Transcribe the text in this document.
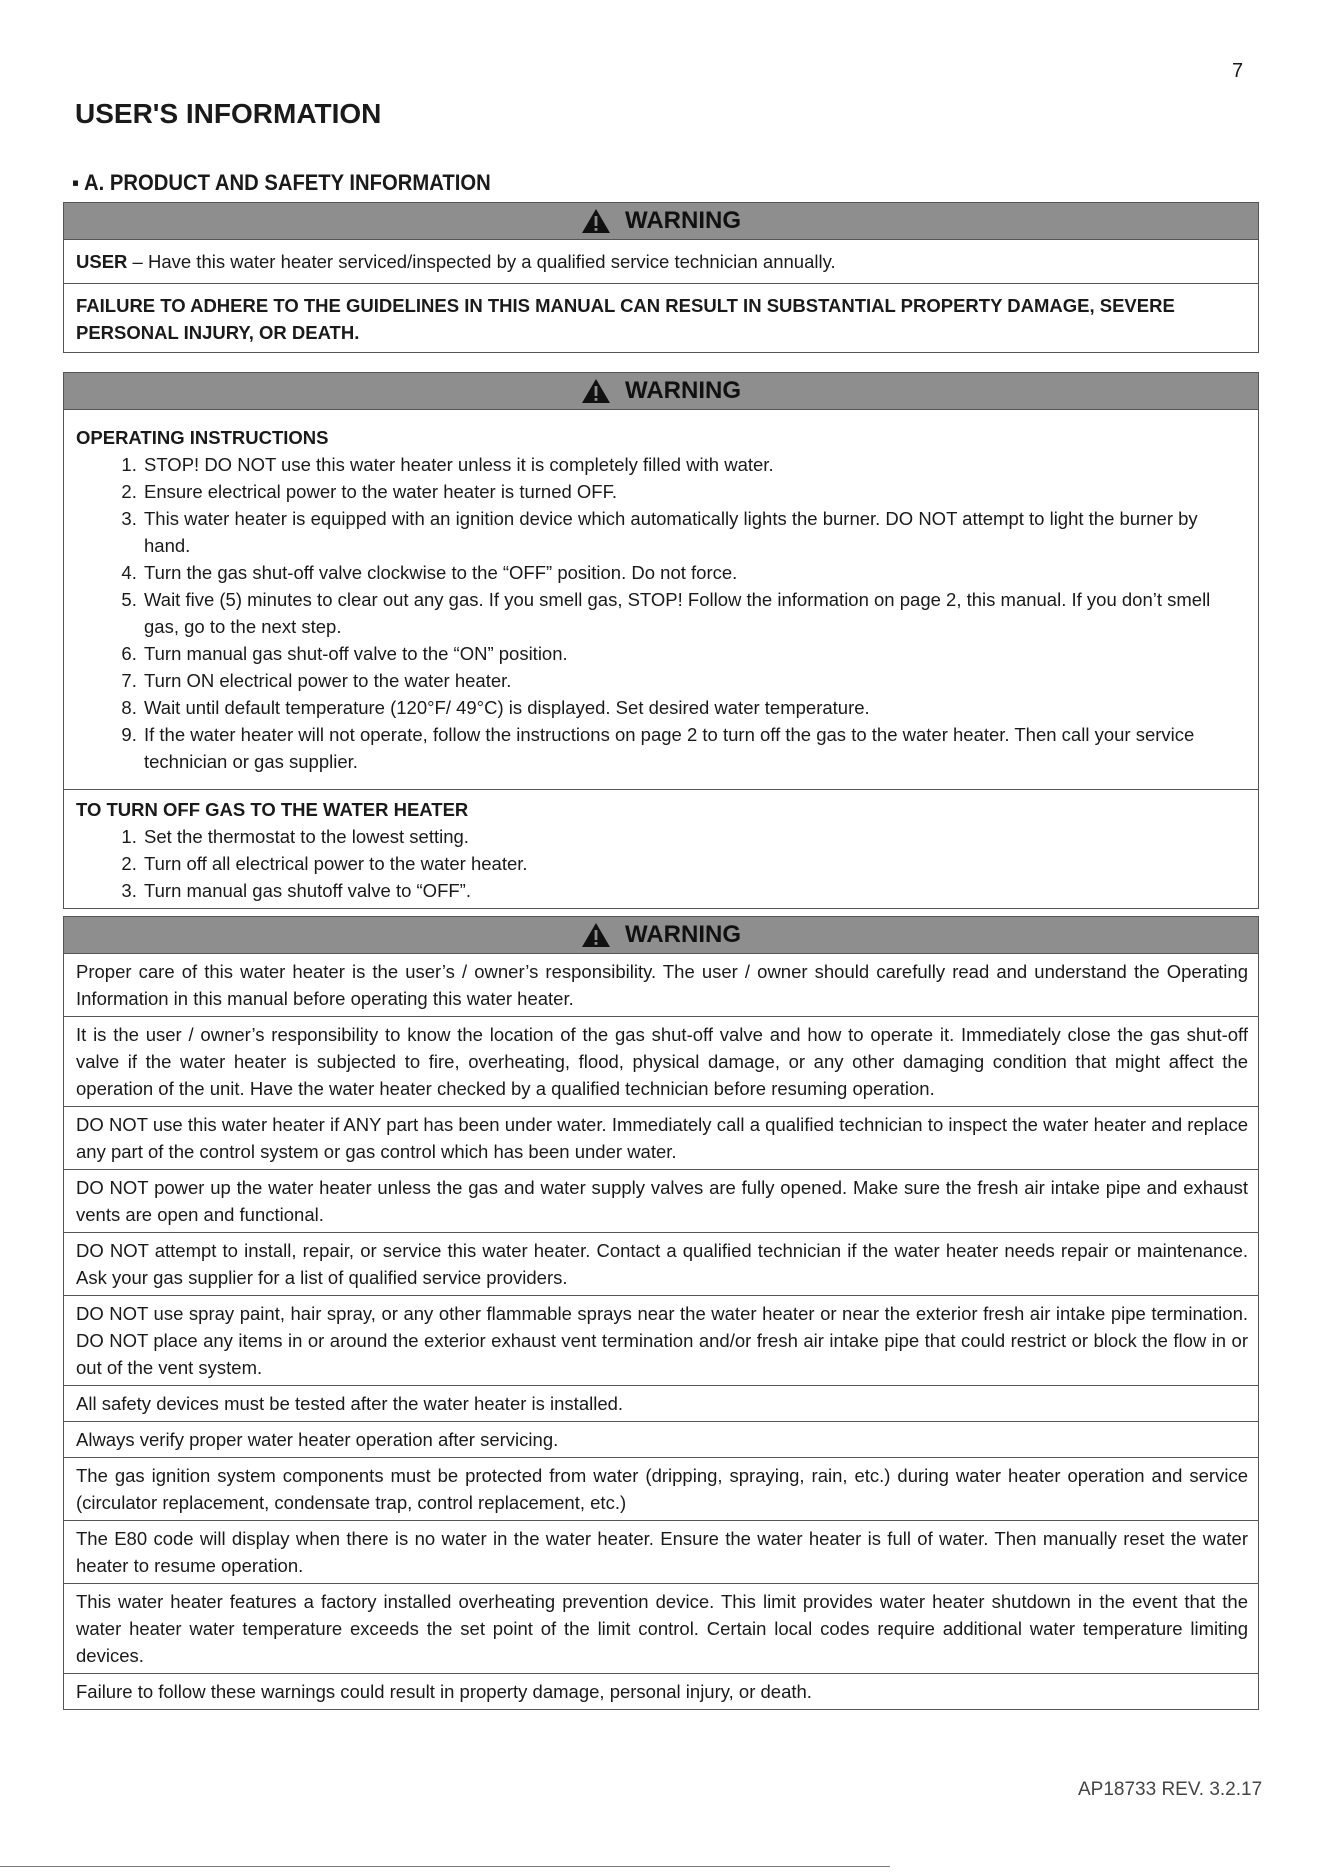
7
USER'S INFORMATION
▪ A. PRODUCT AND SAFETY INFORMATION
WARNING
USER – Have this water heater serviced/inspected by a qualified service technician annually.
FAILURE TO ADHERE TO THE GUIDELINES IN THIS MANUAL CAN RESULT IN SUBSTANTIAL PROPERTY DAMAGE, SEVERE PERSONAL INJURY, OR DEATH.
WARNING
OPERATING INSTRUCTIONS
1. STOP! DO NOT use this water heater unless it is completely filled with water.
2. Ensure electrical power to the water heater is turned OFF.
3. This water heater is equipped with an ignition device which automatically lights the burner. DO NOT attempt to light the burner by hand.
4. Turn the gas shut-off valve clockwise to the “OFF” position. Do not force.
5. Wait five (5) minutes to clear out any gas. If you smell gas, STOP! Follow the information on page 2, this manual. If you don’t smell gas, go to the next step.
6. Turn manual gas shut-off valve to the “ON” position.
7. Turn ON electrical power to the water heater.
8. Wait until default temperature (120°F/ 49°C) is displayed. Set desired water temperature.
9. If the water heater will not operate, follow the instructions on page 2 to turn off the gas to the water heater. Then call your service technician or gas supplier.
TO TURN OFF GAS TO THE WATER HEATER
1. Set the thermostat to the lowest setting.
2. Turn off all electrical power to the water heater.
3. Turn manual gas shutoff valve to “OFF”.
WARNING
Proper care of this water heater is the user’s / owner’s responsibility. The user / owner should carefully read and understand the Operating Information in this manual before operating this water heater.
It is the user / owner’s responsibility to know the location of the gas shut-off valve and how to operate it. Immediately close the gas shut-off valve if the water heater is subjected to fire, overheating, flood, physical damage, or any other damaging condition that might affect the operation of the unit. Have the water heater checked by a qualified technician before resuming operation.
DO NOT use this water heater if ANY part has been under water. Immediately call a qualified technician to inspect the water heater and replace any part of the control system or gas control which has been under water.
DO NOT power up the water heater unless the gas and water supply valves are fully opened. Make sure the fresh air intake pipe and exhaust vents are open and functional.
DO NOT attempt to install, repair, or service this water heater. Contact a qualified technician if the water heater needs repair or maintenance. Ask your gas supplier for a list of qualified service providers.
DO NOT use spray paint, hair spray, or any other flammable sprays near the water heater or near the exterior fresh air intake pipe termination. DO NOT place any items in or around the exterior exhaust vent termination and/or fresh air intake pipe that could restrict or block the flow in or out of the vent system.
All safety devices must be tested after the water heater is installed.
Always verify proper water heater operation after servicing.
The gas ignition system components must be protected from water (dripping, spraying, rain, etc.) during water heater operation and service (circulator replacement, condensate trap, control replacement, etc.)
The E80 code will display when there is no water in the water heater. Ensure the water heater is full of water. Then manually reset the water heater to resume operation.
This water heater features a factory installed overheating prevention device. This limit provides water heater shutdown in the event that the water heater water temperature exceeds the set point of the limit control. Certain local codes require additional water temperature limiting devices.
Failure to follow these warnings could result in property damage, personal injury, or death.
AP18733 REV. 3.2.17
